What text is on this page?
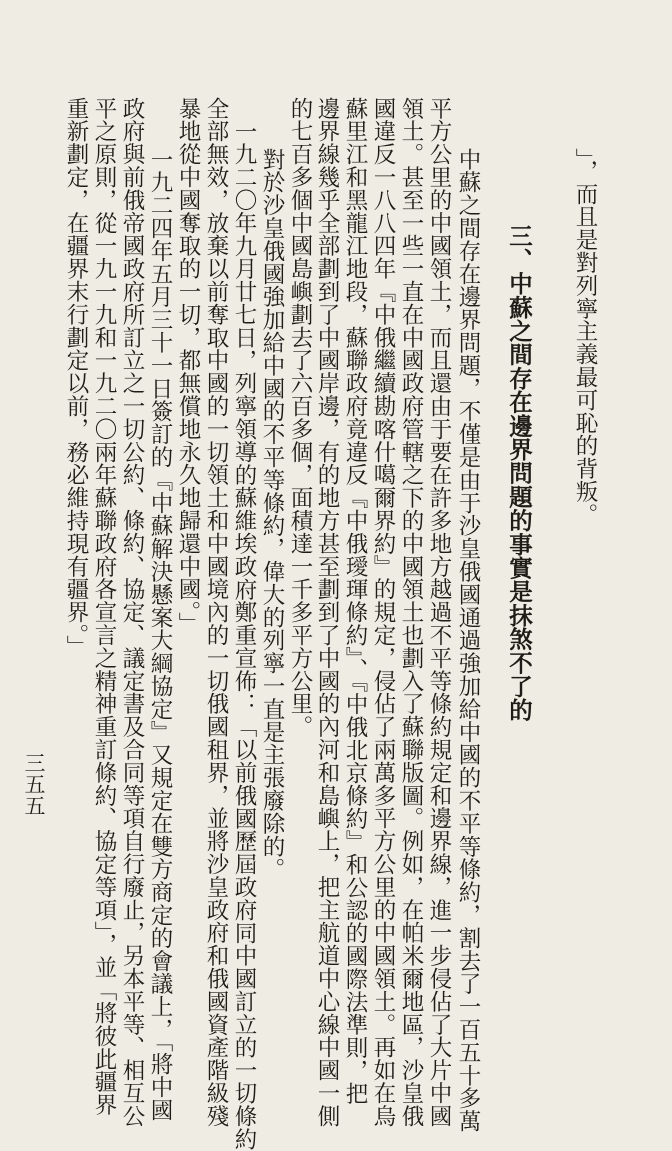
」，而且是對列寧主義最可恥的背叛。
三、中蘇之間存在邊界問題的事實是抹煞不了的
中蘇之間存在邊界問題，不僅是由于沙皇俄國通過強加給中國的不平等條約，割去了一百五十多萬
平方公里的中國領土，而且還由于要在許多地方越過不平等條約規定和邊界線，進一步侵佔了大片中國
領土。甚至一些一直在中國政府管轄之下的中國領土也劃入了蘇聯版圖。例如，在帕米爾地區，沙皇俄
國違反一八八四年『中俄繼續勘喀什噶爾界約』的規定，侵佔了兩萬多平方公里的中國領土。再如在烏
蘇里江和黑龍江地段，蘇聯政府竟違反『中俄璦琿條約』、『中俄北京條約』和公認的國際法準則，把
邊界線幾乎全部劃到了中國岸邊，有的地方甚至劃到了中國的內河和島嶼上，把主航道中心線中國一側
的七百多個中國島嶼劃去了六百多個，面積達一千多平方公里。
對於沙皇俄國強加給中國的不平等條約，偉大的列寧一直是主張廢除的。
一九二〇年九月廿七日，列寧領導的蘇維埃政府鄭重宣佈：「以前俄國歷屆政府同中國訂立的一切條約
全部無效，放棄以前奪取中國的一切領土和中國境內的一切俄國租界，並將沙皇政府和俄國資產階級殘
暴地從中國奪取的一切，都無償地永久地歸還中國。」
一九二四年五月三十一日簽訂的『中蘇解決懸案大綱協定』又規定在雙方商定的會議上，「將中國
政府與前俄帝國政府所訂立之一切公約、條約、協定、議定書及合同等項自行廢止，另本平等、相互公
平之原則，從一九一九和一九二〇兩年蘇聯政府各宣言之精神重訂條約、協定等項」，並「將彼此疆界
重新劃定，在疆界末行劃定以前，務必維持現有疆界。」
三五五
